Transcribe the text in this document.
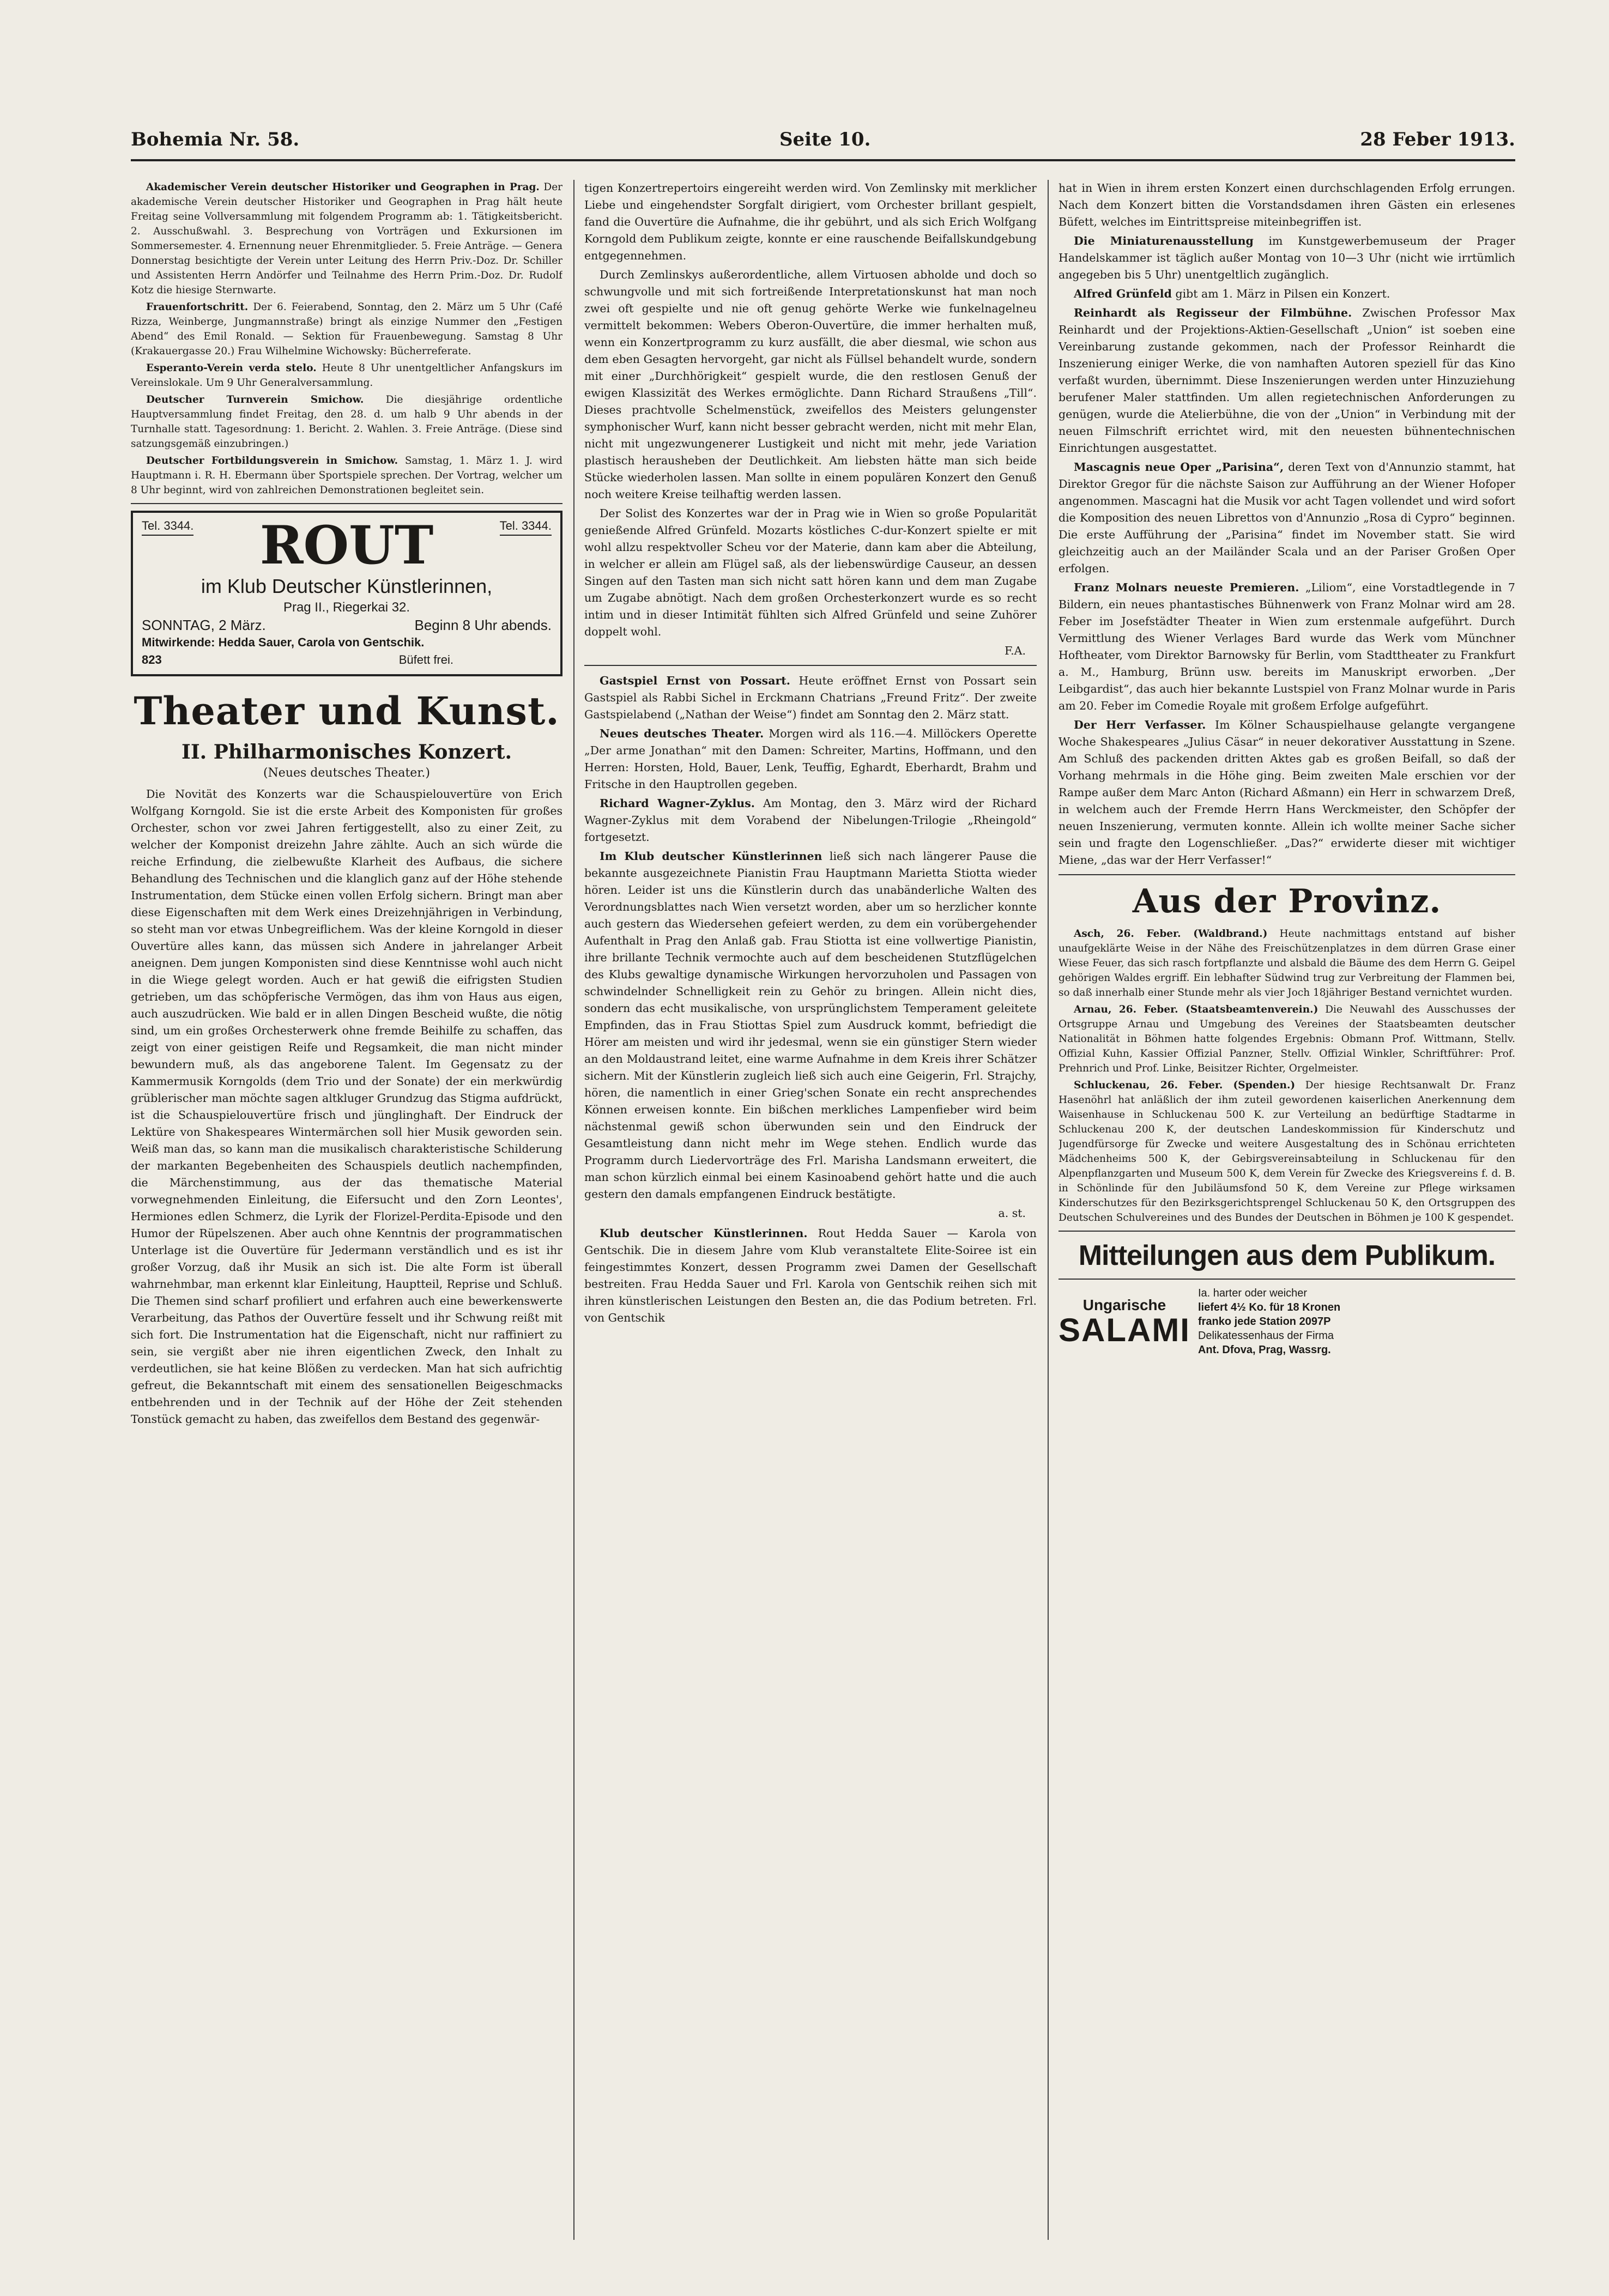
Bohemia Nr. 58.	Seite 10.	28 Feber 1913.

Akademischer Verein deutscher Historiker und Geographen in Prag. Der akademische Verein deutscher Historiker und Geographen in Prag hält heute Freitag seine Vollversammlung mit folgendem Programm ab: 1. Tätigkeitsbericht. 2. Ausschußwahl. 3. Besprechung von Vorträgen und Exkursionen im Sommersemester. 4. Ernennung neuer Ehrenmitglieder. 5. Freie Anträge. — Genera Donnerstag besichtigte der Verein unter Leitung des Herrn Priv.-Doz. Dr. Schiller und Assistenten Herrn Andörfer und Teilnahme des Herrn Prim.-Doz. Dr. Rudolf Kotz die hiesige Sternwarte.

Frauenfortschritt. Der 6. Feierabend, Sonntag, den 2. März um 5 Uhr (Café Rizza, Weinberge, Jungmannstraße) bringt als einzige Nummer den „Festigen Abend“ des Emil Ronald. — Sektion für Frauenbewegung. Samstag 8 Uhr (Krakauergasse 20.) Frau Wilhelmine Wichowsky: Bücherreferate.

Esperanto-Verein verda stelo. Heute 8 Uhr unentgeltlicher Anfangskurs im Vereinslokale. Um 9 Uhr Generalversammlung.

Deutscher Turnverein Smichow. Die diesjährige ordentliche Hauptversammlung findet Freitag, den 28. d. um halb 9 Uhr abends in der Turnhalle statt. Tagesordnung: 1. Bericht. 2. Wahlen. 3. Freie Anträge. (Diese sind satzungsgemäß einzubringen.)

Deutscher Fortbildungsverein in Smichow. Samstag, 1. März 1. J. wird Hauptmann i. R. H. Ebermann über Sportspiele sprechen. Der Vortrag, welcher um 8 Uhr beginnt, wird von zahlreichen Demonstrationen begleitet sein.

Tel. 3344.	Tel. 3344.
ROUT
im Klub Deutscher Künstlerinnen,
Prag II., Riegerkai 32.
SONNTAG, 2 März.	Beginn 8 Uhr abends.
Mitwirkende: Hedda Sauer, Carola von Gentschik.
823	Büfett frei.
Theater und Kunst.
II. Philharmonisches Konzert.
(Neues deutsches Theater.)

Die Novität des Konzerts war die Schauspielouvertüre von Erich Wolfgang Korngold. Sie ist die erste Arbeit des Komponisten für großes Orchester, schon vor zwei Jahren fertiggestellt, also zu einer Zeit, zu welcher der Komponist dreizehn Jahre zählte. Auch an sich würde die reiche Erfindung, die zielbewußte Klarheit des Aufbaus, die sichere Behandlung des Technischen und die klanglich ganz auf der Höhe stehende Instrumentation, dem Stücke einen vollen Erfolg sichern. Bringt man aber diese Eigenschaften mit dem Werk eines Dreizehnjährigen in Verbindung, so steht man vor etwas Unbegreiflichem. Was der kleine Korngold in dieser Ouvertüre alles kann, das müssen sich Andere in jahrelanger Arbeit aneignen. Dem jungen Komponisten sind diese Kenntnisse wohl auch nicht in die Wiege gelegt worden. Auch er hat gewiß die eifrigsten Studien getrieben, um das schöpferische Vermögen, das ihm von Haus aus eigen, auch auszudrücken. Wie bald er in allen Dingen Bescheid wußte, die nötig sind, um ein großes Orchesterwerk ohne fremde Beihilfe zu schaffen, das zeigt von einer geistigen Reife und Regsamkeit, die man nicht minder bewundern muß, als das angeborene Talent. Im Gegensatz zu der Kammermusik Korngolds (dem Trio und der Sonate) der ein merkwürdig grüblerischer man möchte sagen altkluger Grundzug das Stigma aufdrückt, ist die Schauspielouvertüre frisch und jünglinghaft. Der Eindruck der Lektüre von Shakespeares Wintermärchen soll hier Musik geworden sein. Weiß man das, so kann man die musikalisch charakteristische Schilderung der markanten Begebenheiten des Schauspiels deutlich nachempfinden, die Märchenstimmung, aus der das thematische Material vorwegnehmenden Einleitung, die Eifersucht und den Zorn Leontes', Hermiones edlen Schmerz, die Lyrik der Florizel-Perdita-Episode und den Humor der Rüpelszenen. Aber auch ohne Kenntnis der programmatischen Unterlage ist die Ouvertüre für Jedermann verständlich und es ist ihr großer Vorzug, daß ihr Musik an sich ist. Die alte Form ist überall wahrnehmbar, man erkennt klar Einleitung, Hauptteil, Reprise und Schluß. Die Themen sind scharf profiliert und erfahren auch eine bewerkenswerte Verarbeitung, das Pathos der Ouvertüre fesselt und ihr Schwung reißt mit sich fort. Die Instrumentation hat die Eigenschaft, nicht nur raffiniert zu sein, sie vergißt aber nie ihren eigentlichen Zweck, den Inhalt zu verdeutlichen, sie hat keine Blößen zu verdecken. Man hat sich aufrichtig gefreut, die Bekanntschaft mit einem des sensationellen Beigeschmacks entbehrenden und in der Technik auf der Höhe der Zeit stehenden Tonstück gemacht zu haben, das zweifellos dem Bestand des gegenwär-

tigen Konzertrepertoirs eingereiht werden wird. Von Zemlinsky mit merklicher Liebe und eingehendster Sorgfalt dirigiert, vom Orchester brillant gespielt, fand die Ouvertüre die Aufnahme, die ihr gebührt, und als sich Erich Wolfgang Korngold dem Publikum zeigte, konnte er eine rauschende Beifallskundgebung entgegennehmen.

Durch Zemlinskys außerordentliche, allem Virtuosen abholde und doch so schwungvolle und mit sich fortreißende Interpretationskunst hat man noch zwei oft gespielte und nie oft genug gehörte Werke wie funkelnagelneu vermittelt bekommen: Webers Oberon-Ouvertüre, die immer herhalten muß, wenn ein Konzertprogramm zu kurz ausfällt, die aber diesmal, wie schon aus dem eben Gesagten hervorgeht, gar nicht als Füllsel behandelt wurde, sondern mit einer „Durchhörigkeit“ gespielt wurde, die den restlosen Genuß der ewigen Klassizität des Werkes ermöglichte. Dann Richard Straußens „Till“. Dieses prachtvolle Schelmenstück, zweifellos des Meisters gelungenster symphonischer Wurf, kann nicht besser gebracht werden, nicht mit mehr Elan, nicht mit ungezwungenerer Lustigkeit und nicht mit mehr, jede Variation plastisch herausheben der Deutlichkeit. Am liebsten hätte man sich beide Stücke wiederholen lassen. Man sollte in einem populären Konzert den Genuß noch weitere Kreise teilhaftig werden lassen.

Der Solist des Konzertes war der in Prag wie in Wien so große Popularität genießende Alfred Grünfeld. Mozarts köstliches C-dur-Konzert spielte er mit wohl allzu respektvoller Scheu vor der Materie, dann kam aber die Abteilung, in welcher er allein am Flügel saß, als der liebenswürdige Causeur, an dessen Singen auf den Tasten man sich nicht satt hören kann und dem man Zugabe um Zugabe abnötigt. Nach dem großen Orchesterkonzert wurde es so recht intim und in dieser Intimität fühlten sich Alfred Grünfeld und seine Zuhörer doppelt wohl.

F.A.

Gastspiel Ernst von Possart. Heute eröffnet Ernst von Possart sein Gastspiel als Rabbi Sichel in Erckmann Chatrians „Freund Fritz“. Der zweite Gastspielabend („Nathan der Weise“) findet am Sonntag den 2. März statt.

Neues deutsches Theater. Morgen wird als 116.—4. Millöckers Operette „Der arme Jonathan“ mit den Damen: Schreiter, Martins, Hoffmann, und den Herren: Horsten, Hold, Bauer, Lenk, Teuffig, Eghardt, Eberhardt, Brahm und Fritsche in den Hauptrollen gegeben.

Richard Wagner-Zyklus. Am Montag, den 3. März wird der Richard Wagner-Zyklus mit dem Vorabend der Nibelungen-Trilogie „Rheingold“ fortgesetzt.

Im Klub deutscher Künstlerinnen ließ sich nach längerer Pause die bekannte ausgezeichnete Pianistin Frau Hauptmann Marietta Stiotta wieder hören. Leider ist uns die Künstlerin durch das unabänderliche Walten des Verordnungsblattes nach Wien versetzt worden, aber um so herzlicher konnte auch gestern das Wiedersehen gefeiert werden, zu dem ein vorübergehender Aufenthalt in Prag den Anlaß gab. Frau Stiotta ist eine vollwertige Pianistin, ihre brillante Technik vermochte auch auf dem bescheidenen Stutzflügelchen des Klubs gewaltige dynamische Wirkungen hervorzuholen und Passagen von schwindelnder Schnelligkeit rein zu Gehör zu bringen. Allein nicht dies, sondern das echt musikalische, von ursprünglichstem Temperament geleitete Empfinden, das in Frau Stiottas Spiel zum Ausdruck kommt, befriedigt die Hörer am meisten und wird ihr jedesmal, wenn sie ein günstiger Stern wieder an den Moldaustrand leitet, eine warme Aufnahme in dem Kreis ihrer Schätzer sichern. Mit der Künstlerin zugleich ließ sich auch eine Geigerin, Frl. Strajchy, hören, die namentlich in einer Grieg'schen Sonate ein recht ansprechendes Können erweisen konnte. Ein bißchen merkliches Lampenfieber wird beim nächstenmal gewiß schon überwunden sein und den Eindruck der Gesamtleistung dann nicht mehr im Wege stehen. Endlich wurde das Programm durch Liedervorträge des Frl. Marisha Landsmann erweitert, die man schon kürzlich einmal bei einem Kasinoabend gehört hatte und die auch gestern den damals empfangenen Eindruck bestätigte.

a. st.

Klub deutscher Künstlerinnen. Rout Hedda Sauer — Karola von Gentschik. Die in diesem Jahre vom Klub veranstaltete Elite-Soiree ist ein feingestimmtes Konzert, dessen Programm zwei Damen der Gesellschaft bestreiten. Frau Hedda Sauer und Frl. Karola von Gentschik reihen sich mit ihren künstlerischen Leistungen den Besten an, die das Podium betreten. Frl. von Gentschik

hat in Wien in ihrem ersten Konzert einen durchschlagenden Erfolg errungen. Nach dem Konzert bitten die Vorstandsdamen ihren Gästen ein erlesenes Büfett, welches im Eintrittspreise miteinbegriffen ist.

Die Miniaturenausstellung im Kunstgewerbemuseum der Prager Handelskammer ist täglich außer Montag von 10—3 Uhr (nicht wie irrtümlich angegeben bis 5 Uhr) unentgeltlich zugänglich.

Alfred Grünfeld gibt am 1. März in Pilsen ein Konzert.

Reinhardt als Regisseur der Filmbühne. Zwischen Professor Max Reinhardt und der Projektions-Aktien-Gesellschaft „Union“ ist soeben eine Vereinbarung zustande gekommen, nach der Professor Reinhardt die Inszenierung einiger Werke, die von namhaften Autoren speziell für das Kino verfaßt wurden, übernimmt. Diese Inszenierungen werden unter Hinzuziehung berufener Maler stattfinden. Um allen regietechnischen Anforderungen zu genügen, wurde die Atelierbühne, die von der „Union“ in Verbindung mit der neuen Filmschrift errichtet wird, mit den neuesten bühnentechnischen Einrichtungen ausgestattet.

Mascagnis neue Oper „Parisina“, deren Text von d'Annunzio stammt, hat Direktor Gregor für die nächste Saison zur Aufführung an der Wiener Hofoper angenommen. Mascagni hat die Musik vor acht Tagen vollendet und wird sofort die Komposition des neuen Librettos von d'Annunzio „Rosa di Cypro“ beginnen. Die erste Aufführung der „Parisina“ findet im November statt. Sie wird gleichzeitig auch an der Mailänder Scala und an der Pariser Großen Oper erfolgen.

Franz Molnars neueste Premieren. „Liliom“, eine Vorstadtlegende in 7 Bildern, ein neues phantastisches Bühnenwerk von Franz Molnar wird am 28. Feber im Josefstädter Theater in Wien zum erstenmale aufgeführt. Durch Vermittlung des Wiener Verlages Bard wurde das Werk vom Münchner Hoftheater, vom Direktor Barnowsky für Berlin, vom Stadttheater zu Frankfurt a. M., Hamburg, Brünn usw. bereits im Manuskript erworben. „Der Leibgardist“, das auch hier bekannte Lustspiel von Franz Molnar wurde in Paris am 20. Feber im Comedie Royale mit großem Erfolge aufgeführt.

Der Herr Verfasser. Im Kölner Schauspielhause gelangte vergangene Woche Shakespeares „Julius Cäsar“ in neuer dekorativer Ausstattung in Szene. Am Schluß des packenden dritten Aktes gab es großen Beifall, so daß der Vorhang mehrmals in die Höhe ging. Beim zweiten Male erschien vor der Rampe außer dem Marc Anton (Richard Aßmann) ein Herr in schwarzem Dreß, in welchem auch der Fremde Herrn Hans Werckmeister, den Schöpfer der neuen Inszenierung, vermuten konnte. Allein ich wollte meiner Sache sicher sein und fragte den Logenschließer. „Das?“ erwiderte dieser mit wichtiger Miene, „das war der Herr Verfasser!“

Aus der Provinz.

Asch, 26. Feber. (Waldbrand.) Heute nachmittags entstand auf bisher unaufgeklärte Weise in der Nähe des Freischützenplatzes in dem dürren Grase einer Wiese Feuer, das sich rasch fortpflanzte und alsbald die Bäume des dem Herrn G. Geipel gehörigen Waldes ergriff. Ein lebhafter Südwind trug zur Verbreitung der Flammen bei, so daß innerhalb einer Stunde mehr als vier Joch 18jähriger Bestand vernichtet wurden.

Arnau, 26. Feber. (Staatsbeamtenverein.) Die Neuwahl des Ausschusses der Ortsgruppe Arnau und Umgebung des Vereines der Staatsbeamten deutscher Nationalität in Böhmen hatte folgendes Ergebnis: Obmann Prof. Wittmann, Stellv. Offizial Kuhn, Kassier Offizial Panzner, Stellv. Offizial Winkler, Schriftführer: Prof. Prehnrich und Prof. Linke, Beisitzer Richter, Orgelmeister.

Schluckenau, 26. Feber. (Spenden.) Der hiesige Rechtsanwalt Dr. Franz Hasenöhrl hat anläßlich der ihm zuteil gewordenen kaiserlichen Anerkennung dem Waisenhause in Schluckenau 500 K. zur Verteilung an bedürftige Stadtarme in Schluckenau 200 K, der deutschen Landeskommission für Kinderschutz und Jugendfürsorge für Zwecke und weitere Ausgestaltung des in Schönau errichteten Mädchenheims 500 K, der Gebirgsvereinsabteilung in Schluckenau für den Alpenpflanzgarten und Museum 500 K, dem Verein für Zwecke des Kriegsvereins f. d. B. in Schönlinde für den Jubiläumsfond 50 K, dem Vereine zur Pflege wirksamen Kinderschutzes für den Bezirksgerichtsprengel Schluckenau 50 K, den Ortsgruppen des Deutschen Schulvereines und des Bundes der Deutschen in Böhmen je 100 K gespendet.

Mitteilungen aus dem Publikum.
Ungarische
SALAMI
Ia. harter oder weicher
liefert 4½ Ko. für 18 Kronen
franko jede Station 2097P
Delikatessenhaus der Firma
Ant. Dfova, Prag, Wassrg.
